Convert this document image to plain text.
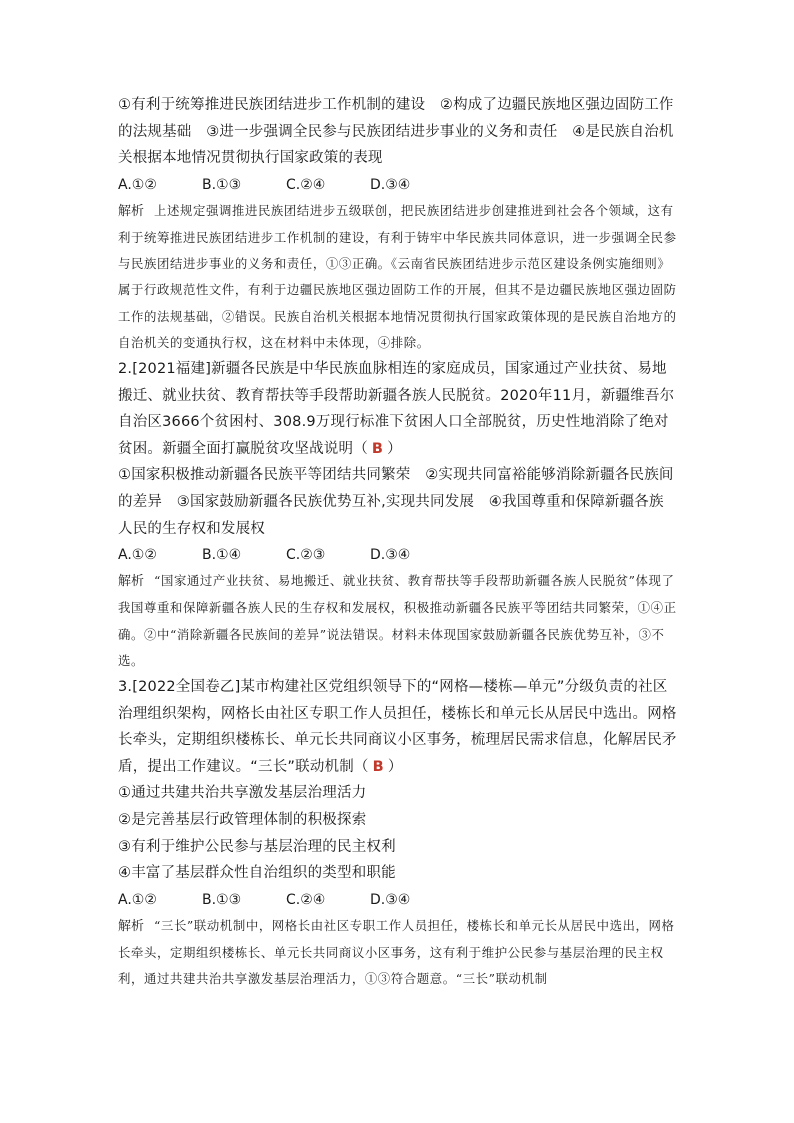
①有利于统筹推进民族团结进步工作机制的建设　②构成了边疆民族地区强边固防工作的法规基础　③进一步强调全民参与民族团结进步事业的义务和责任　④是民族自治机关根据本地情况贯彻执行国家政策的表现

A.①②	B.①③	C.②④	D.③④

解析 上述规定强调推进民族团结进步五级联创，把民族团结进步创建推进到社会各个领域，这有利于统筹推进民族团结进步工作机制的建设，有利于铸牢中华民族共同体意识，进一步强调全民参与民族团结进步事业的义务和责任，①③正确。《云南省民族团结进步示范区建设条例实施细则》属于行政规范性文件，有利于边疆民族地区强边固防工作的开展，但其不是边疆民族地区强边固防工作的法规基础，②错误。民族自治机关根据本地情况贯彻执行国家政策体现的是民族自治地方的自治机关的变通执行权，这在材料中未体现，④排除。

2.[2021福建]新疆各民族是中华民族血脉相连的家庭成员，国家通过产业扶贫、易地搬迁、就业扶贫、教育帮扶等手段帮助新疆各族人民脱贫。2020年11月，新疆维吾尔自治区3666个贫困村、308.9万现行标准下贫困人口全部脱贫，历史性地消除了绝对贫困。新疆全面打赢脱贫攻坚战说明（ B ）

①国家积极推动新疆各民族平等团结共同繁荣　②实现共同富裕能够消除新疆各民族间的差异　③国家鼓励新疆各民族优势互补,实现共同发展　④我国尊重和保障新疆各族人民的生存权和发展权

A.①②	B.①④	C.②③	D.③④

解析 “国家通过产业扶贫、易地搬迁、就业扶贫、教育帮扶等手段帮助新疆各族人民脱贫”体现了我国尊重和保障新疆各族人民的生存权和发展权，积极推动新疆各民族平等团结共同繁荣，①④正确。②中“消除新疆各民族间的差异”说法错误。材料未体现国家鼓励新疆各民族优势互补，③不选。

3.[2022全国卷乙]某市构建社区党组织领导下的“网格—楼栋—单元”分级负责的社区治理组织架构，网格长由社区专职工作人员担任，楼栋长和单元长从居民中选出。网格长牵头，定期组织楼栋长、单元长共同商议小区事务，梳理居民需求信息，化解居民矛盾，提出工作建议。“三长”联动机制（ B ）

①通过共建共治共享激发基层治理活力

②是完善基层行政管理体制的积极探索

③有利于维护公民参与基层治理的民主权利

④丰富了基层群众性自治组织的类型和职能

A.①②	B.①③	C.②④	D.③④

解析 “三长”联动机制中，网格长由社区专职工作人员担任，楼栋长和单元长从居民中选出，网格长牵头，定期组织楼栋长、单元长共同商议小区事务，这有利于维护公民参与基层治理的民主权利，通过共建共治共享激发基层治理活力，①③符合题意。“三长”联动机制
